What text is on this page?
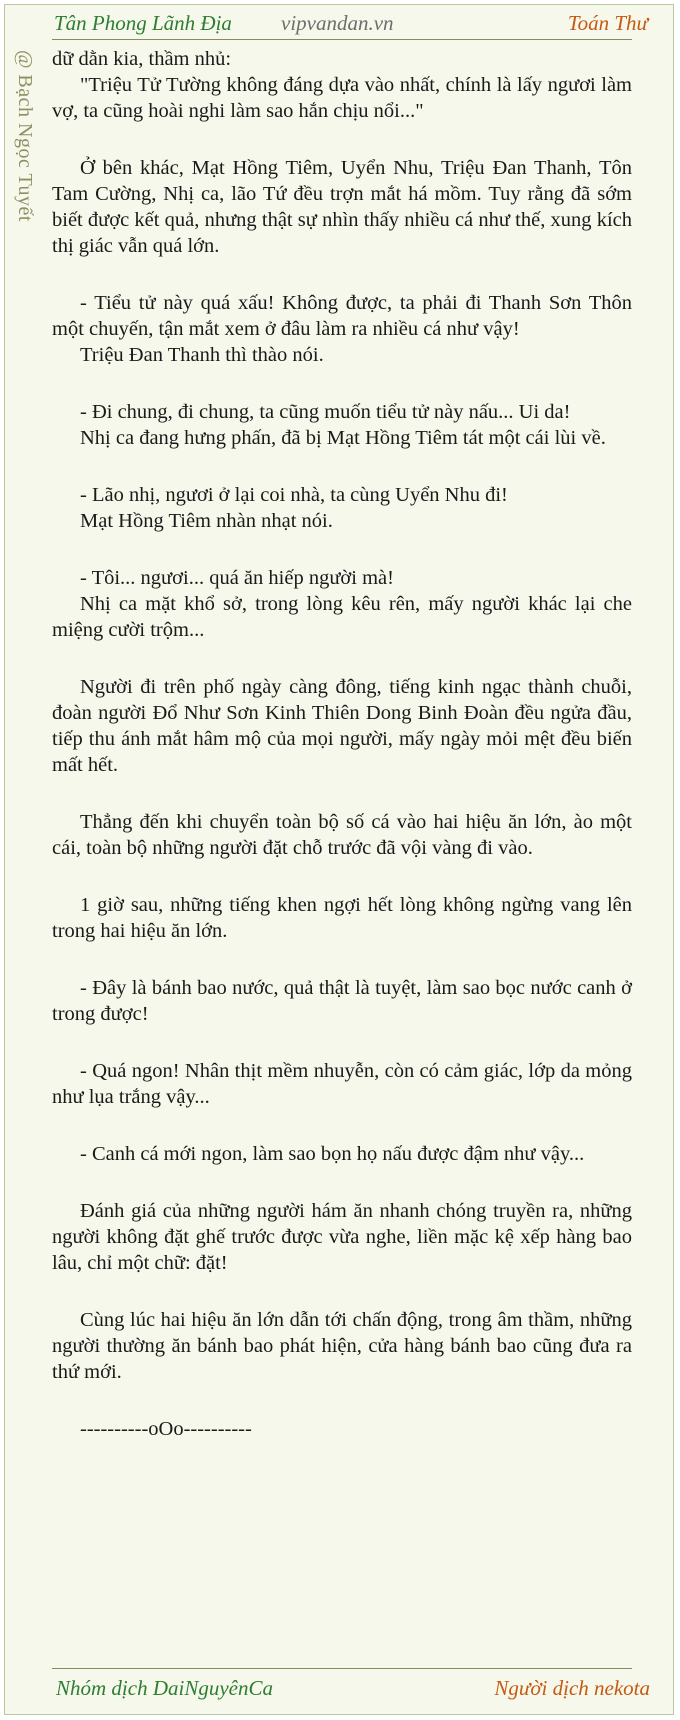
Tân Phong Lãnh Địa vipvandan.vn	Toán Thư
@ Bạch Ngọc Tuyết dữ dằn kia, thầm nhủ:

"Triệu Tử Tường không đáng dựa vào nhất, chính là lấy ngươi làm vợ, ta cũng hoài nghi làm sao hắn chịu nổi..."

Ở bên khác, Mạt Hồng Tiêm, Uyển Nhu, Triệu Đan Thanh, Tôn Tam Cường, Nhị ca, lão Tứ đều trợn mắt há mồm. Tuy rằng đã sớm biết được kết quả, nhưng thật sự nhìn thấy nhiều cá như thế, xung kích thị giác vẫn quá lớn.

- Tiểu tử này quá xấu! Không được, ta phải đi Thanh Sơn Thôn một chuyến, tận mắt xem ở đâu làm ra nhiều cá như vậy!

Triệu Đan Thanh thì thào nói.

- Đi chung, đi chung, ta cũng muốn tiểu tử này nấu... Ui da!

Nhị ca đang hưng phấn, đã bị Mạt Hồng Tiêm tát một cái lùi về.

- Lão nhị, ngươi ở lại coi nhà, ta cùng Uyển Nhu đi!

Mạt Hồng Tiêm nhàn nhạt nói.

- Tôi... ngươi... quá ăn hiếp người mà!

Nhị ca mặt khổ sở, trong lòng kêu rên, mấy người khác lại che miệng cười trộm...

Người đi trên phố ngày càng đông, tiếng kinh ngạc thành chuỗi, đoàn người Đổ Như Sơn Kinh Thiên Dong Binh Đoàn đều ngửa đầu, tiếp thu ánh mắt hâm mộ của mọi người, mấy ngày mỏi mệt đều biến mất hết.

Thẳng đến khi chuyển toàn bộ số cá vào hai hiệu ăn lớn, ào một cái, toàn bộ những người đặt chỗ trước đã vội vàng đi vào.

1 giờ sau, những tiếng khen ngợi hết lòng không ngừng vang lên trong hai hiệu ăn lớn.

- Đây là bánh bao nước, quả thật là tuyệt, làm sao bọc nước canh ở trong được!

- Quá ngon! Nhân thịt mềm nhuyễn, còn có cảm giác, lớp da mỏng như lụa trắng vậy...

- Canh cá mới ngon, làm sao bọn họ nấu được đậm như vậy...

Đánh giá của những người hám ăn nhanh chóng truyền ra, những người không đặt ghế trước được vừa nghe, liền mặc kệ xếp hàng bao lâu, chỉ một chữ: đặt!

Cùng lúc hai hiệu ăn lớn dẫn tới chấn động, trong âm thầm, những người thường ăn bánh bao phát hiện, cửa hàng bánh bao cũng đưa ra thứ mới.

----------oOo----------

Nhóm dịch DaiNguyênCa	Người dịch nekota
